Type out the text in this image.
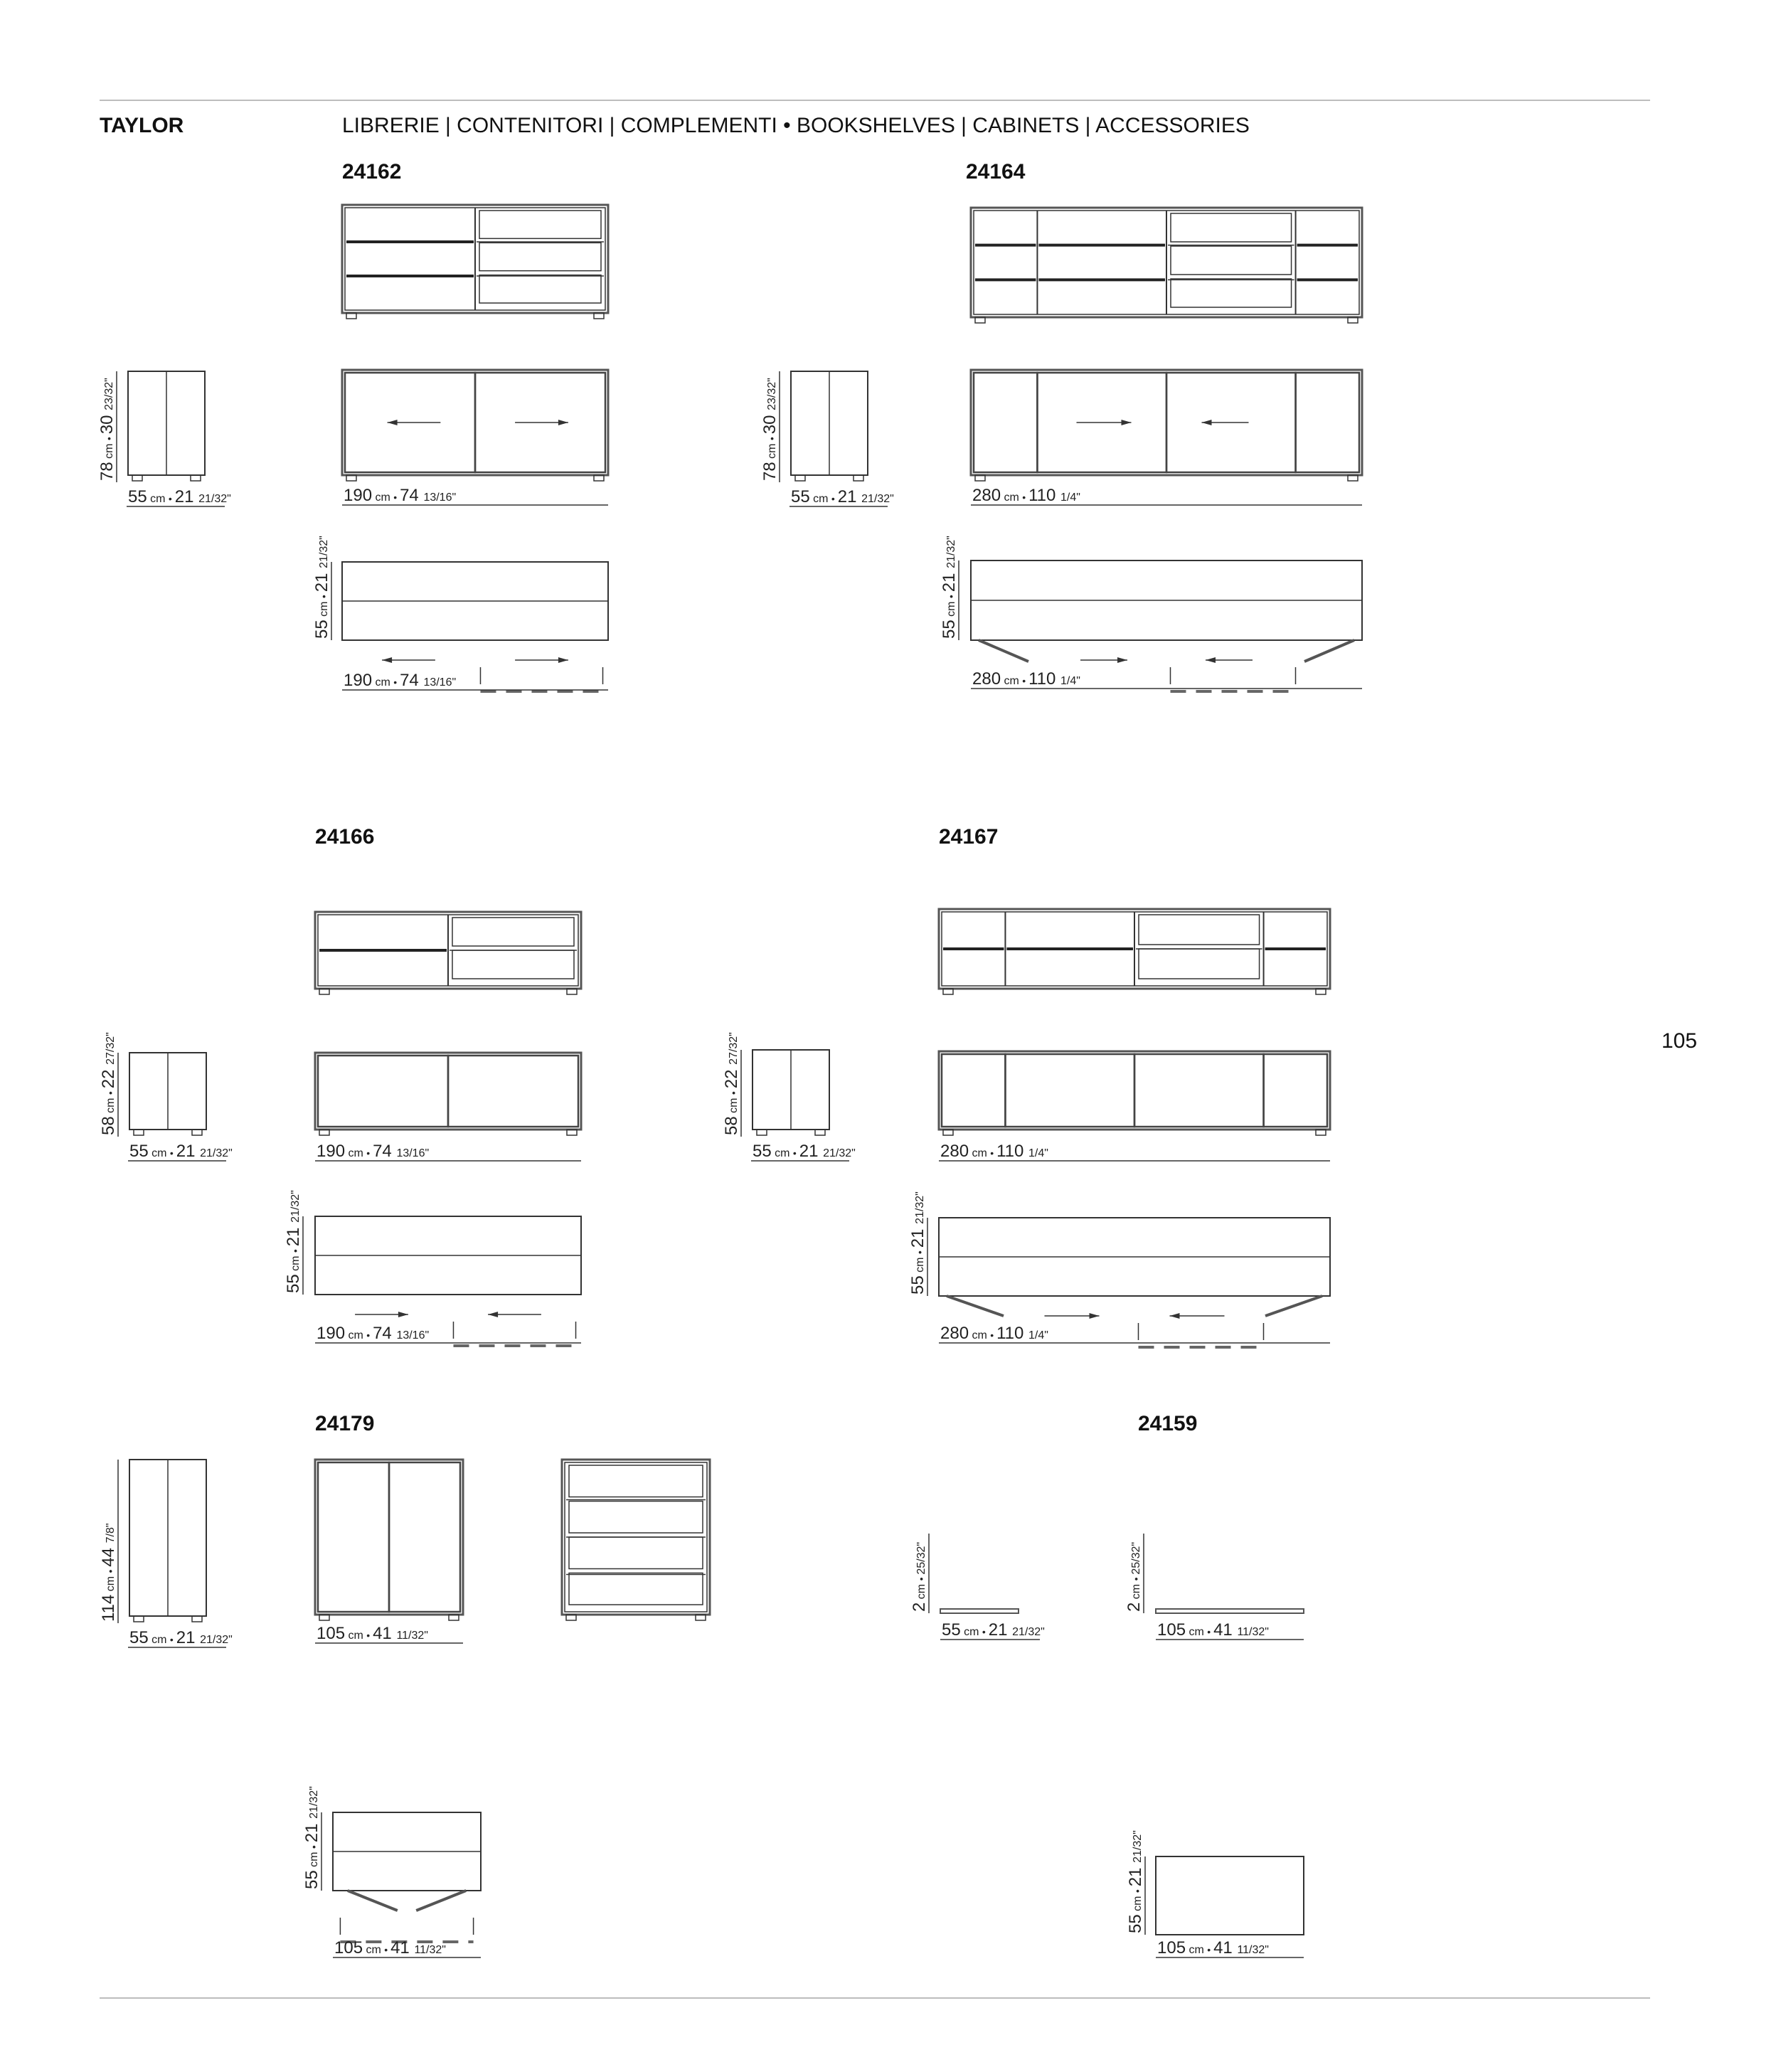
TAYLOR	LIBRERIE | CONTENITORI | COMPLEMENTI • BOOKSHELVES | CABINETS | ACCESSORIES
24162	24164
24166	24167
24179	24159
105
78 cm • 30 23/32"
55 cm • 21 21/32"	190 cm • 74 13/16"
55 cm • 21 21/32"
190 cm • 74 13/16"
78 cm • 30 23/32"
55 cm • 21 21/32"	280 cm • 110 1/4"
55 cm • 21 21/32"
280 cm • 110 1/4"
58 cm • 22 27/32"
55 cm • 21 21/32"	190 cm • 74 13/16"
55 cm • 21 21/32"
190 cm • 74 13/16"
58 cm • 22 27/32"
55 cm • 21 21/32"	280 cm • 110 1/4"
55 cm • 21 21/32"
280 cm • 110 1/4"
114 cm • 44 7/8"
55 cm • 21 21/32"	105 cm • 41 11/32"
55 cm • 21 21/32"
105 cm • 41 11/32"
2 cm • 25/32"
55 cm • 21 21/32"
2 cm • 25/32"
105 cm • 41 11/32"
55 cm • 21 21/32"
105 cm • 41 11/32"
